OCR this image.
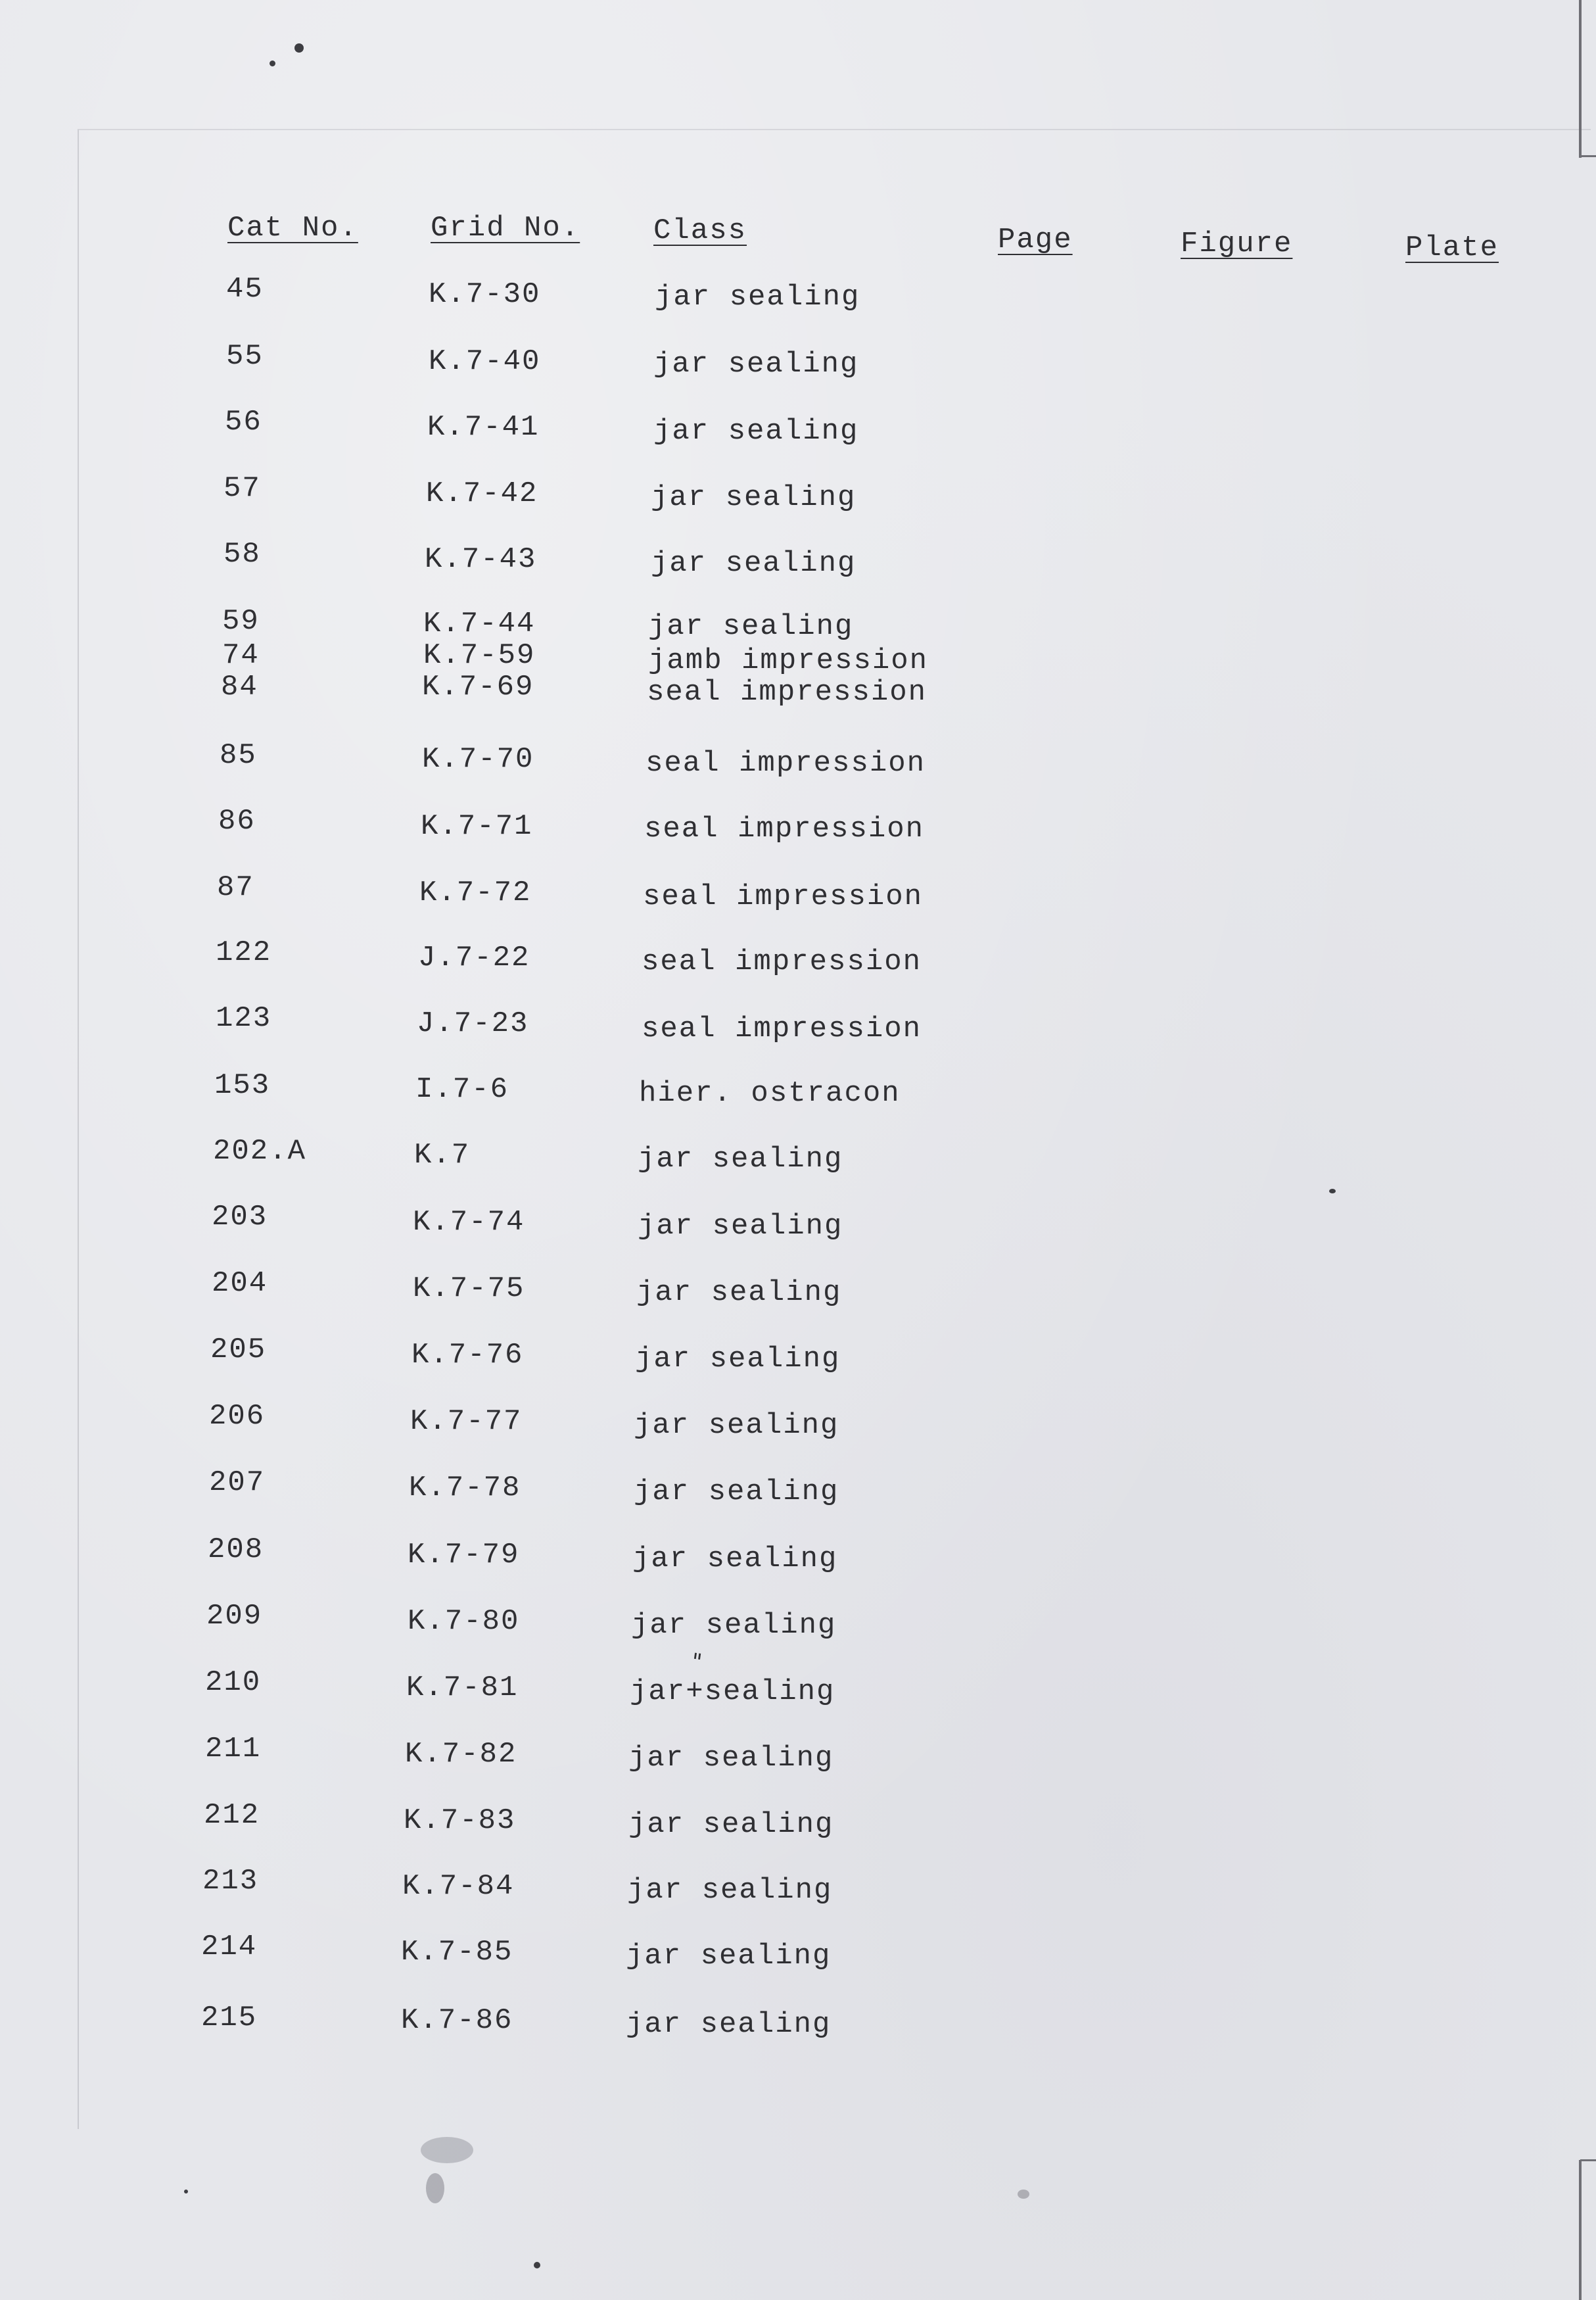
Cat No.	Grid No.	Class	Page	Figure	Plate
45	K.7-30	jar sealing
55	K.7-40	jar sealing
56	K.7-41	jar sealing
57	K.7-42	jar sealing
58	K.7-43	jar sealing
59	K.7-44	jar sealing
74	K.7-59	jamb impression
84	K.7-69	seal impression
85	K.7-70	seal impression
86	K.7-71	seal impression
87	K.7-72	seal impression
122	J.7-22	seal impression
123	J.7-23	seal impression
153	I.7-6	hier. ostracon
202.A	K.7	jar sealing
203	K.7-74	jar sealing
204	K.7-75	jar sealing
205	K.7-76	jar sealing
206	K.7-77	jar sealing
207	K.7-78	jar sealing
208	K.7-79	jar sealing
209	K.7-80	jar sealing
210	K.7-81	jar+sealing
211	K.7-82	jar sealing
212	K.7-83	jar sealing
213	K.7-84	jar sealing
214	K.7-85	jar sealing
215	K.7-86	jar sealing
"
